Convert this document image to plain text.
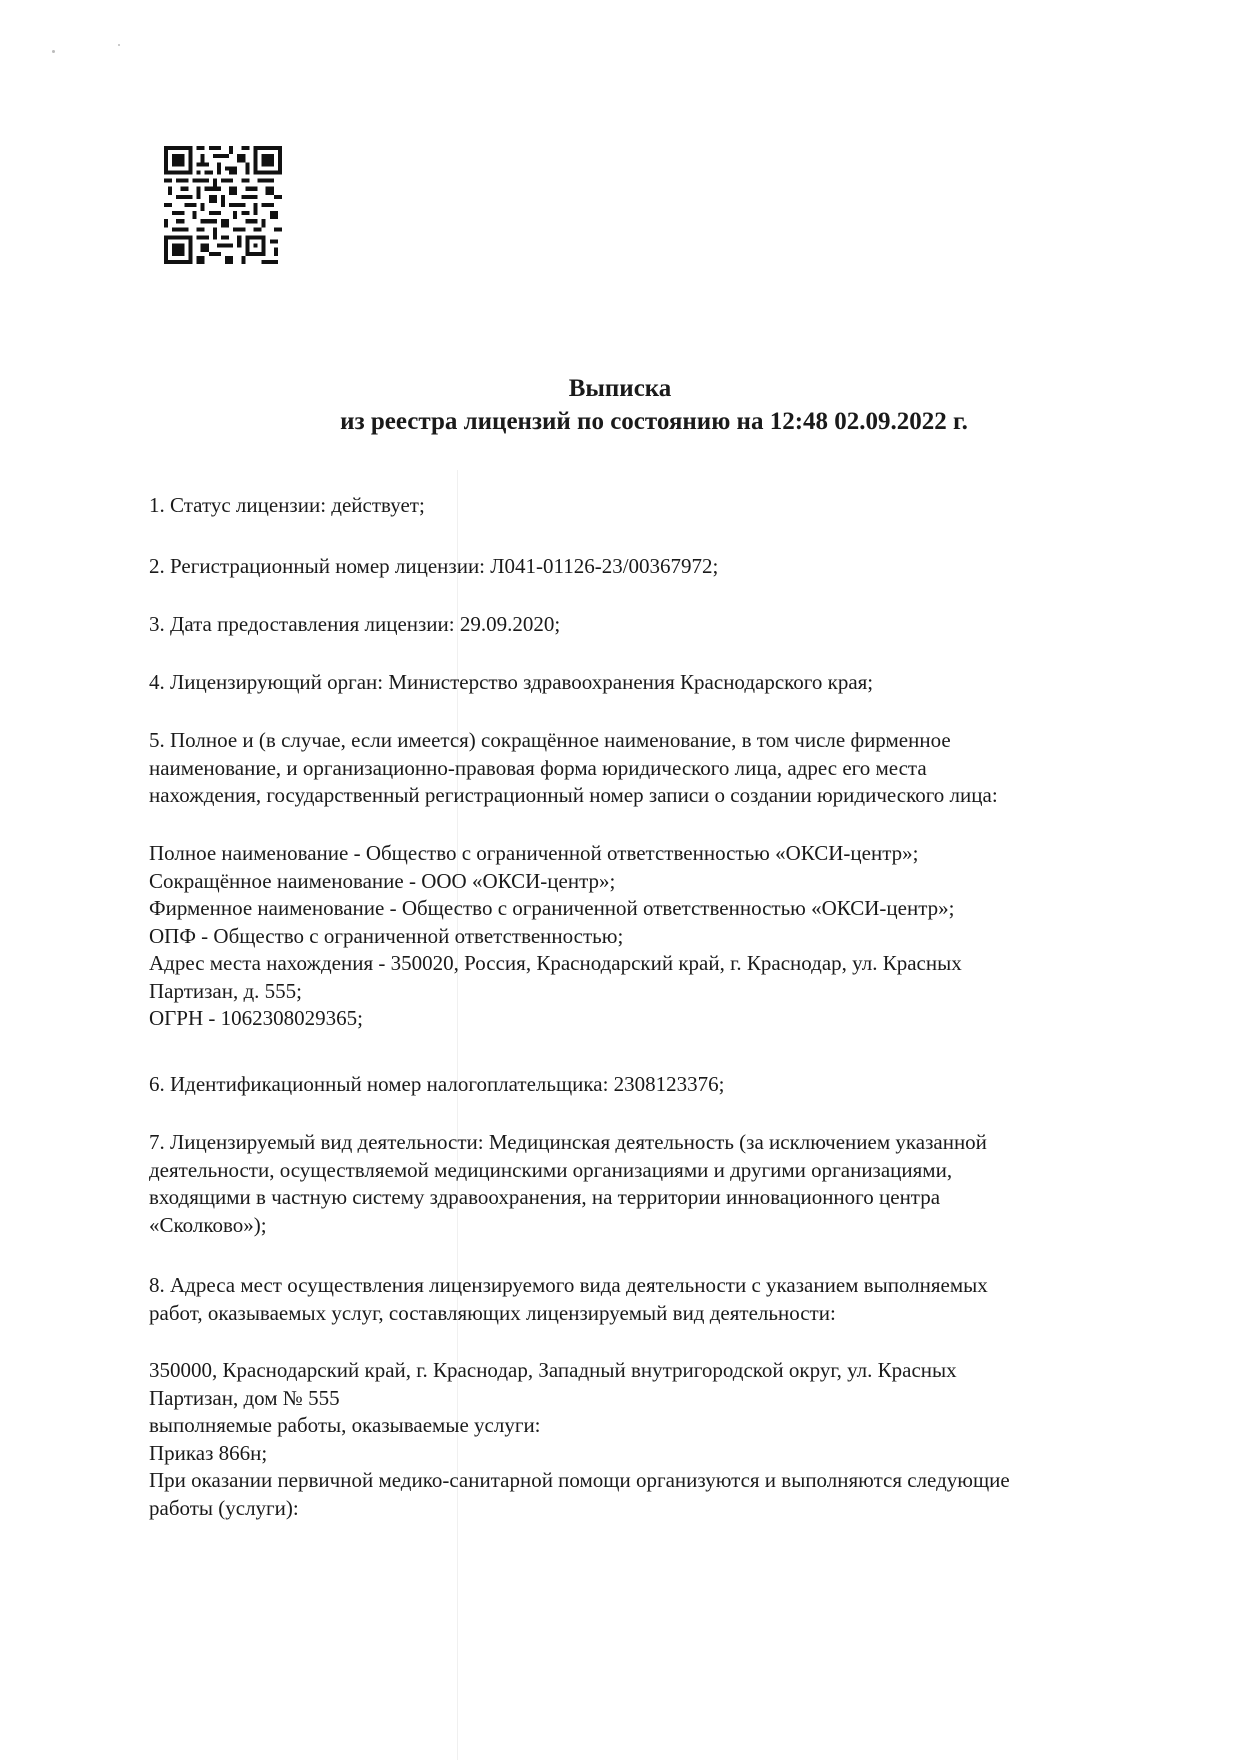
Выписка
из реестра лицензий по состоянию на 12:48 02.09.2022 г.
1. Статус лицензии: действует;
2. Регистрационный номер лицензии: Л041-01126-23/00367972;
3. Дата предоставления лицензии: 29.09.2020;
4. Лицензирующий орган: Министерство здравоохранения Краснодарского края;
5. Полное и (в случае, если имеется) сокращённое наименование, в том числе фирменное
наименование, и организационно-правовая форма юридического лица, адрес его места
нахождения, государственный регистрационный номер записи о создании юридического лица:
Полное наименование - Общество с ограниченной ответственностью «ОКСИ-центр»;
Сокращённое наименование - ООО «ОКСИ-центр»;
Фирменное наименование - Общество с ограниченной ответственностью «ОКСИ-центр»;
ОПФ - Общество с ограниченной ответственностью;
Адрес места нахождения - 350020, Россия, Краснодарский край, г. Краснодар, ул. Красных
Партизан, д. 555;
ОГРН - 1062308029365;
6. Идентификационный номер налогоплательщика: 2308123376;
7. Лицензируемый вид деятельности: Медицинская деятельность (за исключением указанной
деятельности, осуществляемой медицинскими организациями и другими организациями,
входящими в частную систему здравоохранения, на территории инновационного центра
«Сколково»);
8. Адреса мест осуществления лицензируемого вида деятельности с указанием выполняемых
работ, оказываемых услуг, составляющих лицензируемый вид деятельности:
350000, Краснодарский край, г. Краснодар, Западный внутригородской округ, ул. Красных
Партизан, дом № 555
выполняемые работы, оказываемые услуги:
Приказ 866н;
При оказании первичной медико-санитарной помощи организуются и выполняются следующие
работы (услуги):
